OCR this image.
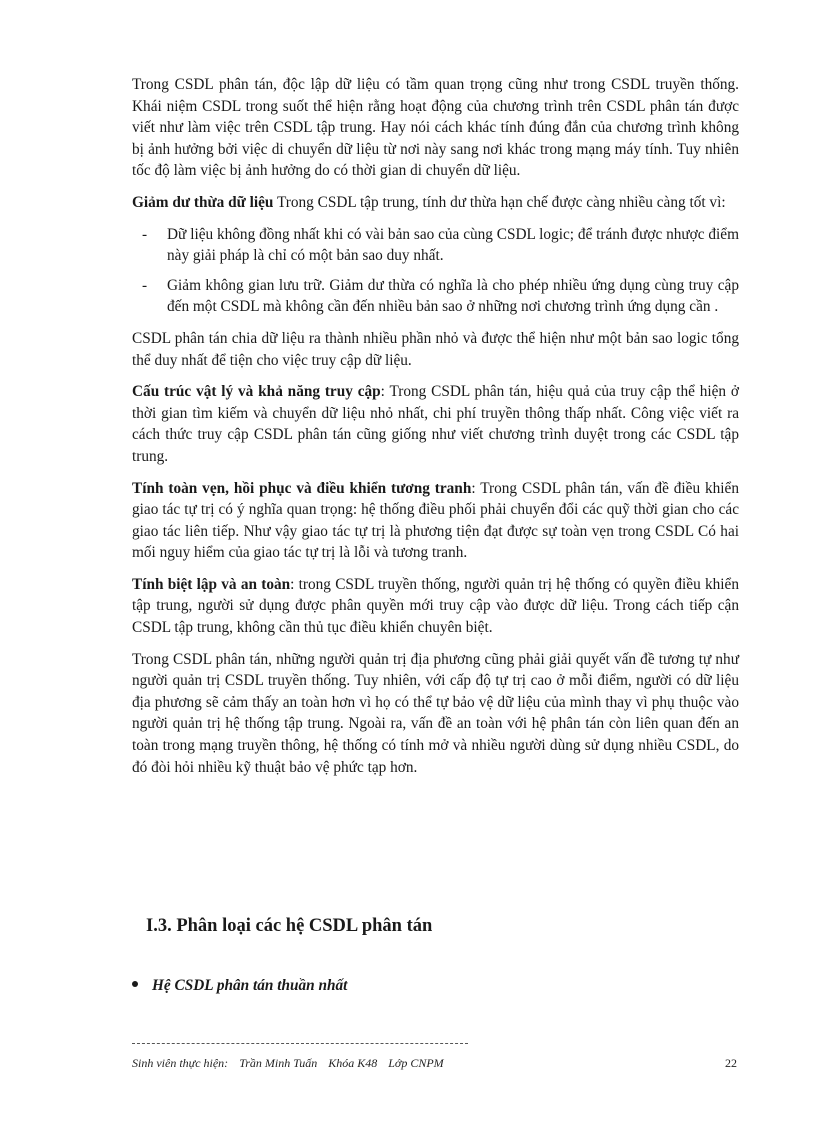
Trong CSDL phân tán, độc lập dữ liệu có tầm quan trọng cũng như trong CSDL truyền thống. Khái niệm CSDL trong suốt thể hiện rằng hoạt động của chương trình trên CSDL phân tán được viết như làm việc trên CSDL tập trung. Hay nói cách khác tính đúng đắn của chương trình không bị ảnh hưởng bởi việc di chuyển dữ liệu từ nơi này sang nơi khác trong mạng máy tính. Tuy nhiên tốc độ làm việc bị ảnh hưởng do có thời gian di chuyển dữ liệu.

Giảm dư thừa dữ liệu Trong CSDL tập trung, tính dư thừa hạn chế được càng nhiều càng tốt vì:

- Dữ liệu không đồng nhất khi có vài bản sao của cùng CSDL logic; để tránh được nhược điểm này giải pháp là chỉ có một bản sao duy nhất.
- Giảm không gian lưu trữ. Giảm dư thừa có nghĩa là cho phép nhiều ứng dụng cùng truy cập đến một CSDL mà không cần đến nhiều bản sao ở những nơi chương trình ứng dụng cần .

CSDL phân tán chia dữ liệu ra thành nhiều phần nhỏ và được thể hiện như một bản sao logic tổng thể duy nhất để tiện cho việc truy cập dữ liệu.

Cấu trúc vật lý và khả năng truy cập: Trong CSDL phân tán, hiệu quả của truy cập thể hiện ở thời gian tìm kiếm và chuyển dữ liệu nhỏ nhất, chi phí truyền thông thấp nhất. Công việc viết ra cách thức truy cập CSDL phân tán cũng giống như viết chương trình duyệt trong các CSDL tập trung.

Tính toàn vẹn, hồi phục và điều khiển tương tranh: Trong CSDL phân tán, vấn đề điều khiển giao tác tự trị có ý nghĩa quan trọng: hệ thống điều phối phải chuyển đổi các quỹ thời gian cho các giao tác liên tiếp. Như vậy giao tác tự trị là phương tiện đạt được sự toàn vẹn trong CSDL Có hai mối nguy hiểm của giao tác tự trị là lỗi và tương tranh.

Tính biệt lập và an toàn: trong CSDL truyền thống, người quản trị hệ thống có quyền điều khiển tập trung, người sử dụng được phân quyền mới truy cập vào được dữ liệu. Trong cách tiếp cận CSDL tập trung, không cần thủ tục điều khiển chuyên biệt.

Trong CSDL phân tán, những người quản trị địa phương cũng phải giải quyết vấn đề tương tự như người quản trị CSDL truyền thống. Tuy nhiên, với cấp độ tự trị cao ở mỗi điểm, người có dữ liệu địa phương sẽ cảm thấy an toàn hơn vì họ có thể tự bảo vệ dữ liệu của mình thay vì phụ thuộc vào người quản trị hệ thống tập trung. Ngoài ra, vấn đề an toàn với hệ phân tán còn liên quan đến an toàn trong mạng truyền thông, hệ thống có tính mở và nhiều người dùng sử dụng nhiều CSDL, do đó đòi hỏi nhiều kỹ thuật bảo vệ phức tạp hơn.

I.3. Phân loại các hệ CSDL phân tán
Hệ CSDL phân tán thuần nhất
Sinh viên thực hiện: Trần Minh Tuấn Khóa K48 Lớp CNPM	22
